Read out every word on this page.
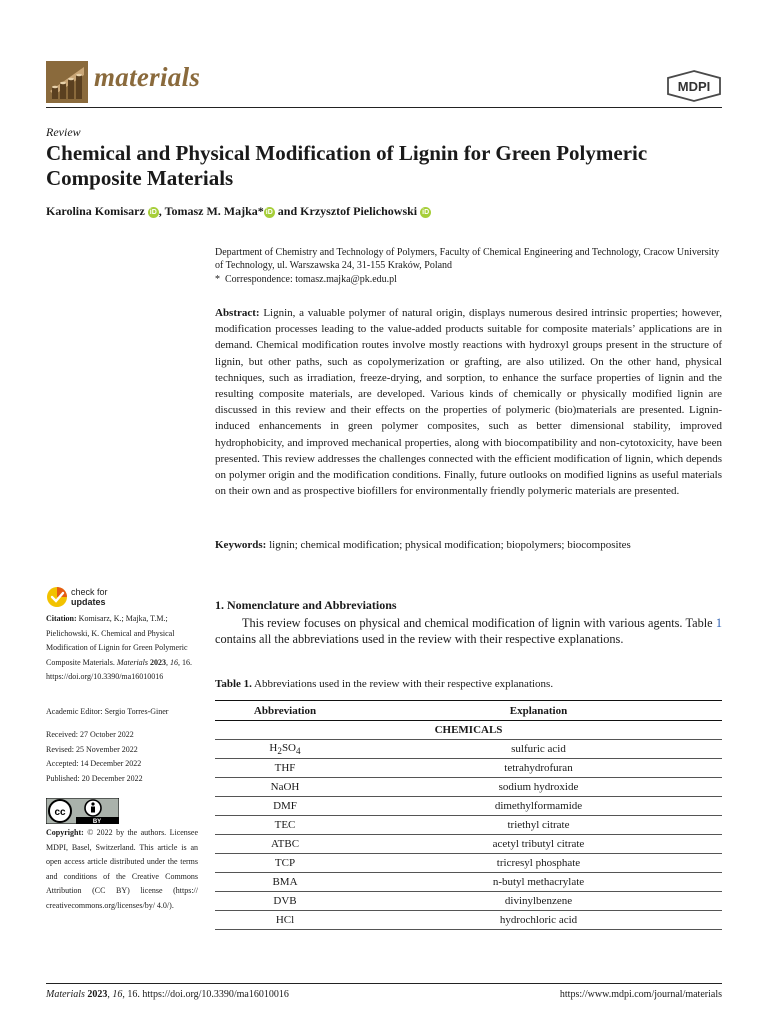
materials	MDPI
Review
Chemical and Physical Modification of Lignin for Green Polymeric Composite Materials
Karolina Komisarz iD , Tomasz M. Majka* iD and Krzysztof Pielichowski iD
Department of Chemistry and Technology of Polymers, Faculty of Chemical Engineering and Technology, Cracow University of Technology, ul. Warszawska 24, 31-155 Kraków, Poland
* Correspondence: tomasz.majka@pk.edu.pl
Abstract: Lignin, a valuable polymer of natural origin, displays numerous desired intrinsic properties; however, modification processes leading to the value-added products suitable for composite materials’ applications are in demand. Chemical modification routes involve mostly reactions with hydroxyl groups present in the structure of lignin, but other paths, such as copolymerization or grafting, are also utilized. On the other hand, physical techniques, such as irradiation, freeze-drying, and sorption, to enhance the surface properties of lignin and the resulting composite materials, are developed. Various kinds of chemically or physically modified lignin are discussed in this review and their effects on the properties of polymeric (bio)materials are presented. Lignin-induced enhancements in green polymer composites, such as better dimensional stability, improved hydrophobicity, and improved mechanical properties, along with biocompatibility and non-cytotoxicity, have been presented. This review addresses the challenges connected with the efficient modification of lignin, which depends on polymer origin and the modification conditions. Finally, future outlooks on modified lignins as useful materials on their own and as prospective biofillers for environmentally friendly polymeric materials are presented.
Keywords: lignin; chemical modification; physical modification; biopolymers; biocomposites
check for
updates
Citation: Komisarz, K.; Majka, T.M.; Pielichowski, K. Chemical and Physical Modification of Lignin for Green Polymeric Composite Materials. Materials 2023, 16, 16. https://doi.org/10.3390/ma16010016
Academic Editor: Sergio Torres-Giner
Received: 27 October 2022
Revised: 25 November 2022
Accepted: 14 December 2022
Published: 20 December 2022
cc
BY
Copyright: © 2022 by the authors. Licensee MDPI, Basel, Switzerland. This article is an open access article distributed under the terms and conditions of the Creative Commons Attribution (CC BY) license (https:// creativecommons.org/licenses/by/ 4.0/).
1. Nomenclature and Abbreviations
This review focuses on physical and chemical modification of lignin with various agents. Table 1 contains all the abbreviations used in the review with their respective explanations.
Table 1. Abbreviations used in the review with their respective explanations.
Abbreviation	Explanation
CHEMICALS	
$H_2SO_4$	sulfuric acid
THF	tetrahydrofuran
NaOH	sodium hydroxide
DMF	dimethylformamide
TEC	triethyl citrate
ATBC	acetyl tributyl citrate
TCP	tricresyl phosphate
BMA	n-butyl methacrylate
DVB	divinylbenzene
HCl	hydrochloric acid
Materials 2023, 16, 16. https://doi.org/10.3390/ma16010016	https://www.mdpi.com/journal/materials
